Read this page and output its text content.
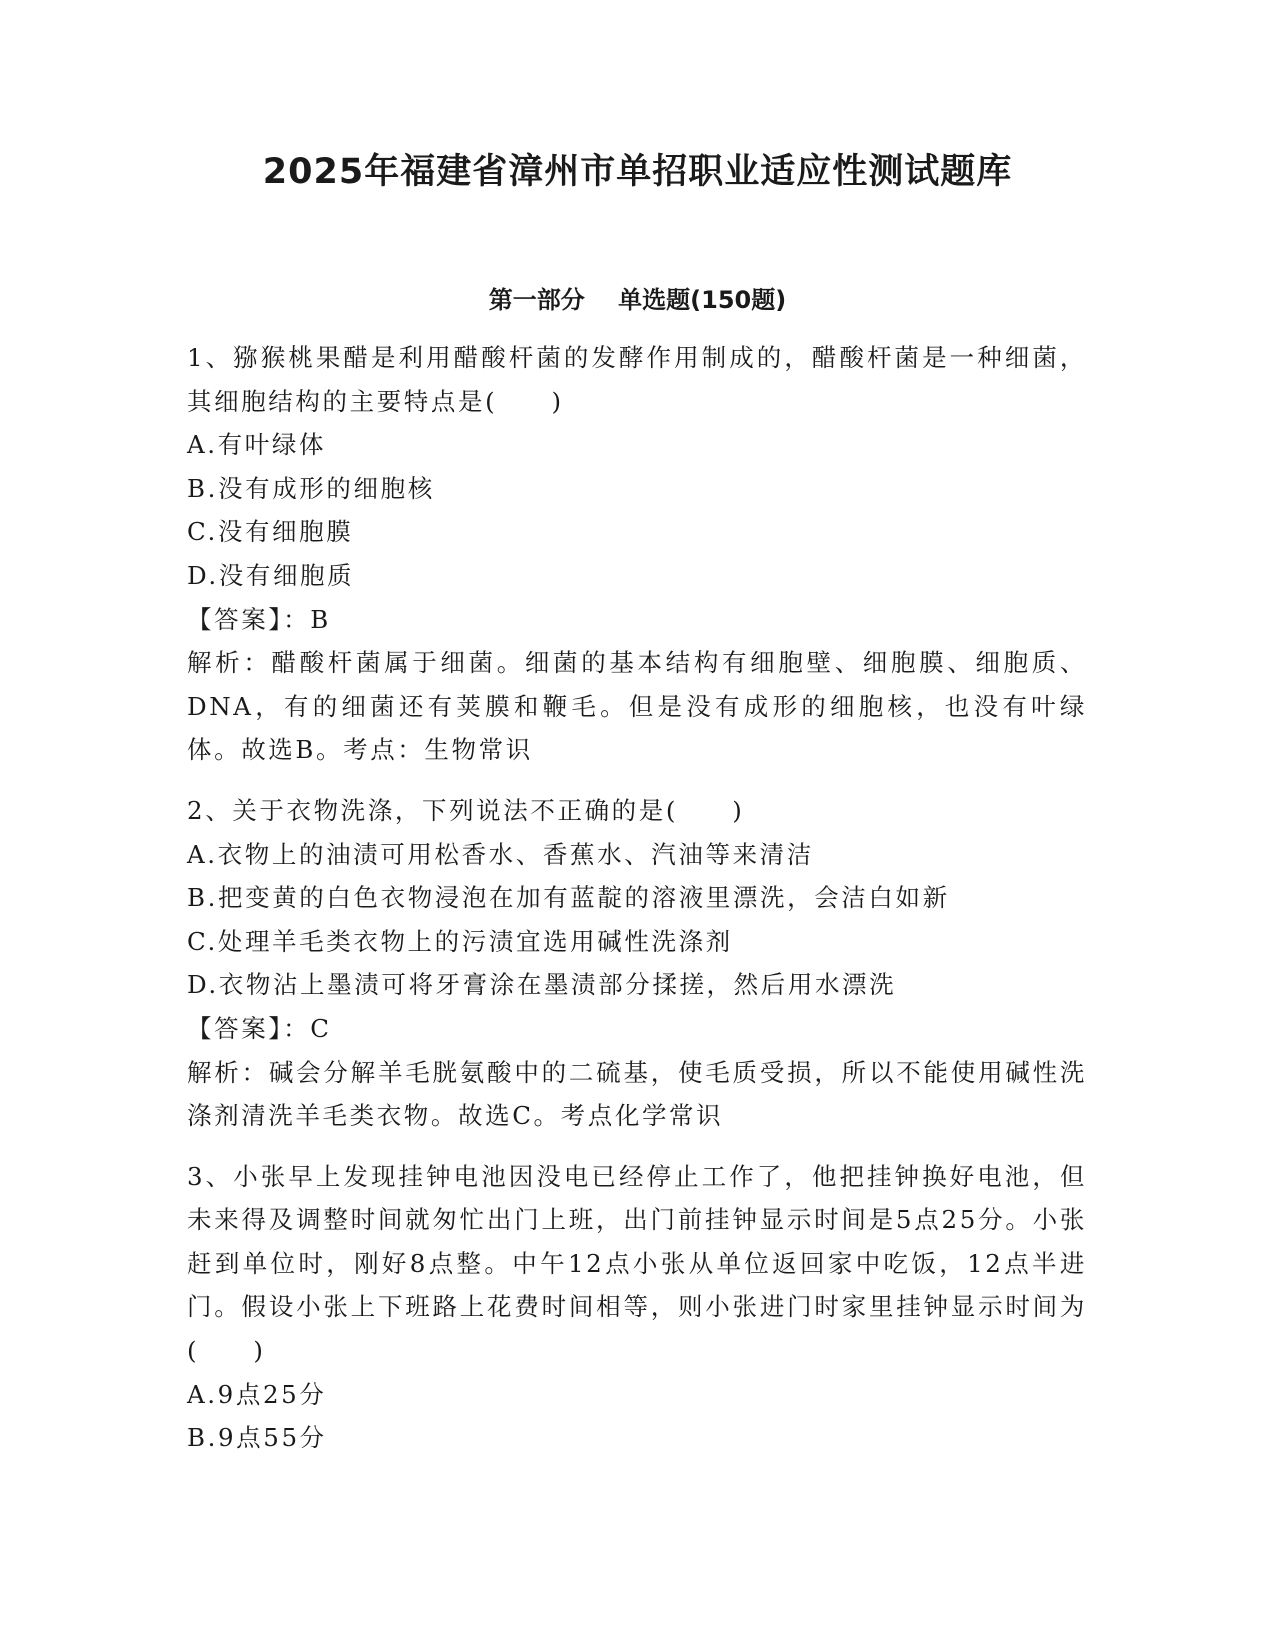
2025年福建省漳州市单招职业适应性测试题库
第一部分    单选题(150题)

1、猕猴桃果醋是利用醋酸杆菌的发酵作用制成的，醋酸杆菌是一种细菌，其细胞结构的主要特点是(　　)

A.有叶绿体

B.没有成形的细胞核

C.没有细胞膜

D.没有细胞质

【答案】：B

解析：醋酸杆菌属于细菌。细菌的基本结构有细胞壁、细胞膜、细胞质、DNA，有的细菌还有荚膜和鞭毛。但是没有成形的细胞核，也没有叶绿体。故选B。考点：生物常识

2、关于衣物洗涤，下列说法不正确的是(　　)

A.衣物上的油渍可用松香水、香蕉水、汽油等来清洁

B.把变黄的白色衣物浸泡在加有蓝靛的溶液里漂洗，会洁白如新

C.处理羊毛类衣物上的污渍宜选用碱性洗涤剂

D.衣物沾上墨渍可将牙膏涂在墨渍部分揉搓，然后用水漂洗

【答案】：C

解析：碱会分解羊毛胱氨酸中的二硫基，使毛质受损，所以不能使用碱性洗涤剂清洗羊毛类衣物。故选C。考点化学常识

3、小张早上发现挂钟电池因没电已经停止工作了，他把挂钟换好电池，但未来得及调整时间就匆忙出门上班，出门前挂钟显示时间是5点25分。小张赶到单位时，刚好8点整。中午12点小张从单位返回家中吃饭，12点半进门。假设小张上下班路上花费时间相等，则小张进门时家里挂钟显示时间为(　　)

A.9点25分

B.9点55分
